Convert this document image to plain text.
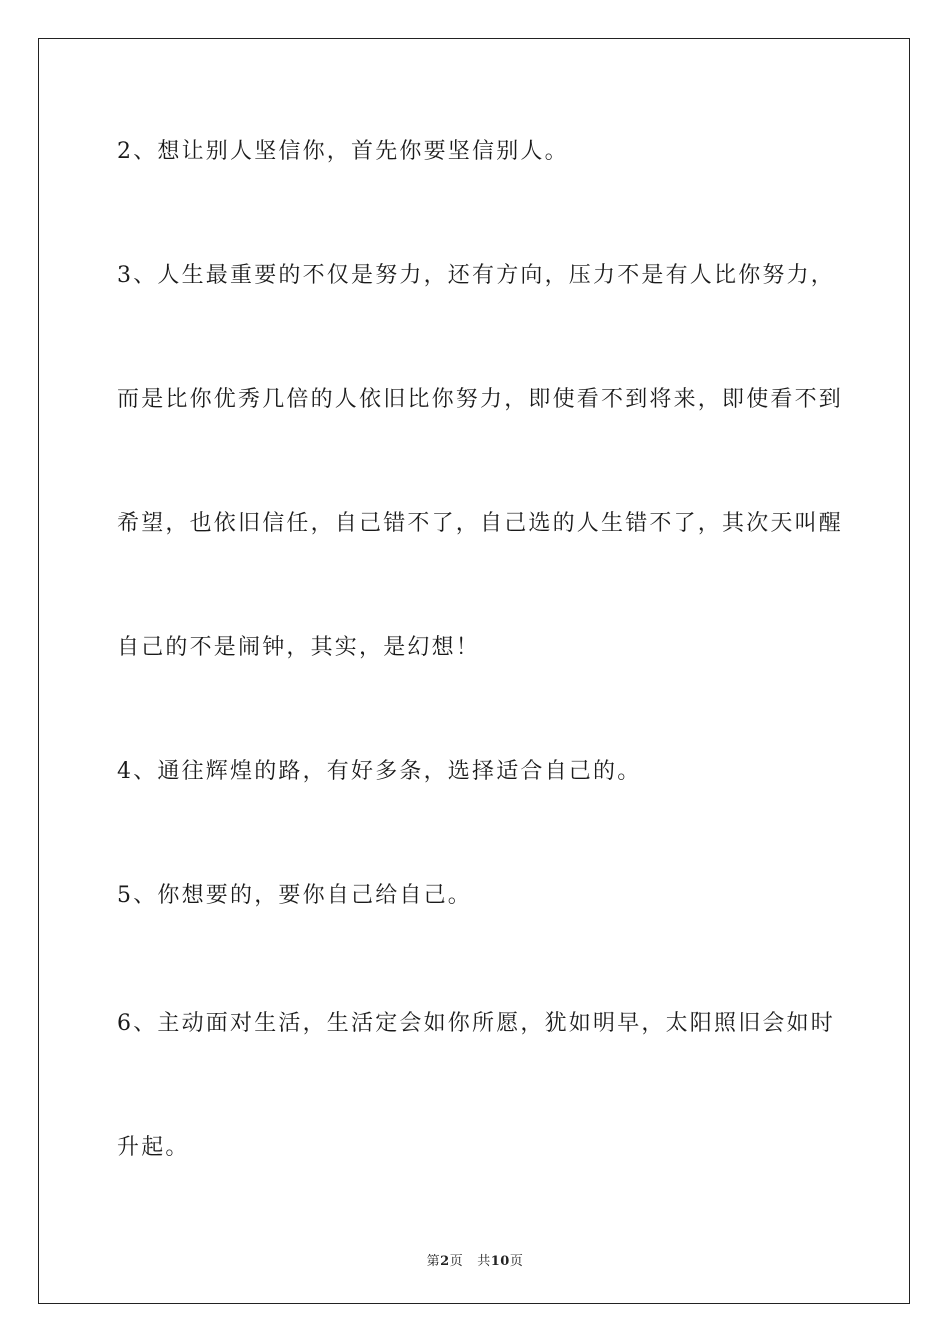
2、想让别人坚信你，首先你要坚信别人。
3、人生最重要的不仅是努力，还有方向，压力不是有人比你努力，
而是比你优秀几倍的人依旧比你努力，即使看不到将来，即使看不到
希望，也依旧信任，自己错不了，自己选的人生错不了，其次天叫醒
自己的不是闹钟，其实，是幻想！
4、通往辉煌的路，有好多条，选择适合自己的。
5、你想要的，要你自己给自己。
6、主动面对生活，生活定会如你所愿，犹如明早，太阳照旧会如时
升起。
第2页 共10页
